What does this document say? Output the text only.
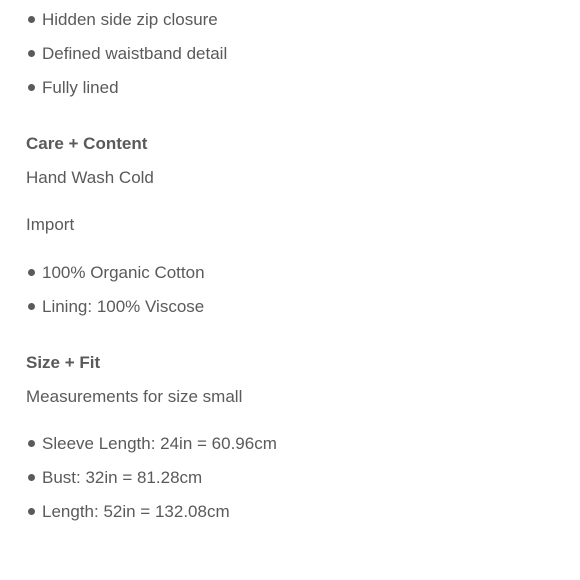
Hidden side zip closure
Defined waistband detail
Fully lined

Care + Content

Hand Wash Cold

Import

100% Organic Cotton
Lining: 100% Viscose

Size + Fit

Measurements for size small

Sleeve Length: 24in = 60.96cm
Bust: 32in = 81.28cm
Length: 52in = 132.08cm
